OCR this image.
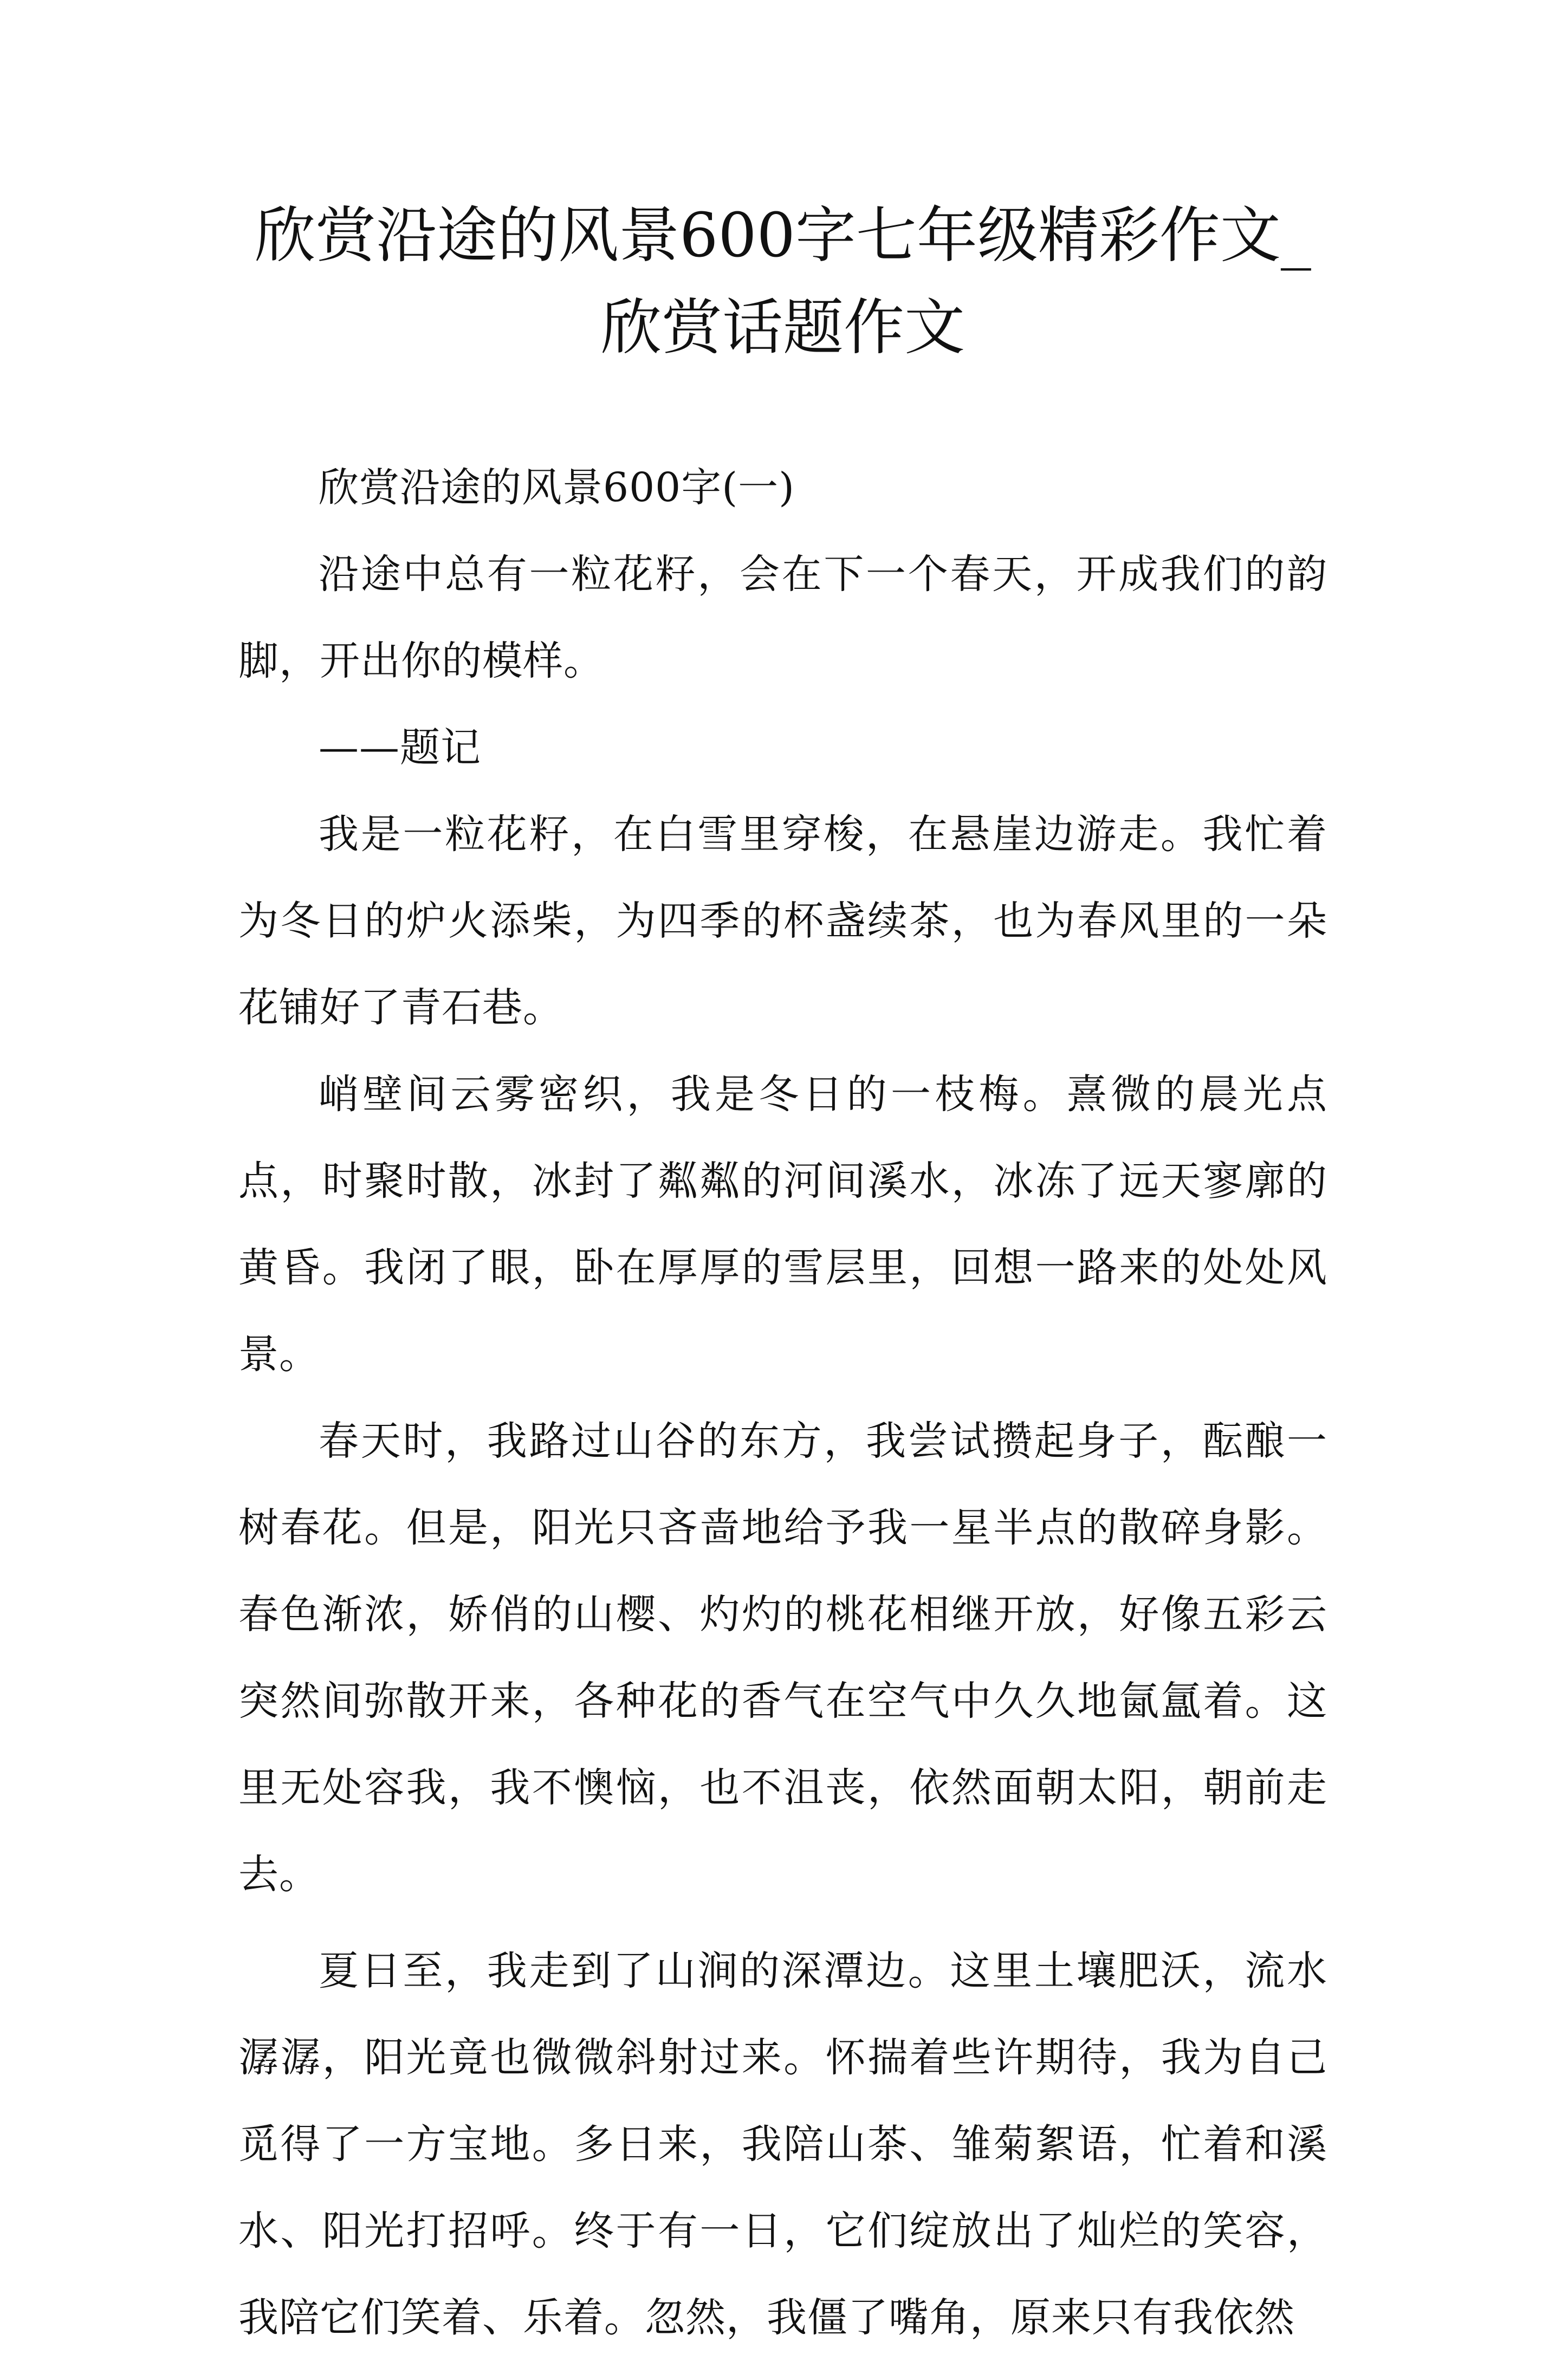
欣赏沿途的风景600字七年级精彩作文_欣赏话题作文

欣赏沿途的风景600字(一)

沿途中总有一粒花籽，会在下一个春天，开成我们的韵脚，开出你的模样。

——题记

我是一粒花籽，在白雪里穿梭，在悬崖边游走。我忙着为冬日的炉火添柴，为四季的杯盏续茶，也为春风里的一朵花铺好了青石巷。

峭壁间云雾密织，我是冬日的一枝梅。熹微的晨光点点，时聚时散，冰封了粼粼的河间溪水，冰冻了远天寥廓的黄昏。我闭了眼，卧在厚厚的雪层里，回想一路来的处处风景。

春天时，我路过山谷的东方，我尝试攒起身子，酝酿一树春花。但是，阳光只吝啬地给予我一星半点的散碎身影。春色渐浓，娇俏的山樱、灼灼的桃花相继开放，好像五彩云突然间弥散开来，各种花的香气在空气中久久地氤氲着。这里无处容我，我不懊恼，也不沮丧，依然面朝太阳，朝前走去。

夏日至，我走到了山涧的深潭边。这里土壤肥沃，流水潺潺，阳光竟也微微斜射过来。怀揣着些许期待，我为自己觅得了一方宝地。多日来，我陪山茶、雏菊絮语，忙着和溪水、阳光打招呼。终于有一日，它们绽放出了灿烂的笑容，我陪它们笑着、乐着。忽然，我僵了嘴角，原来只有我依然
